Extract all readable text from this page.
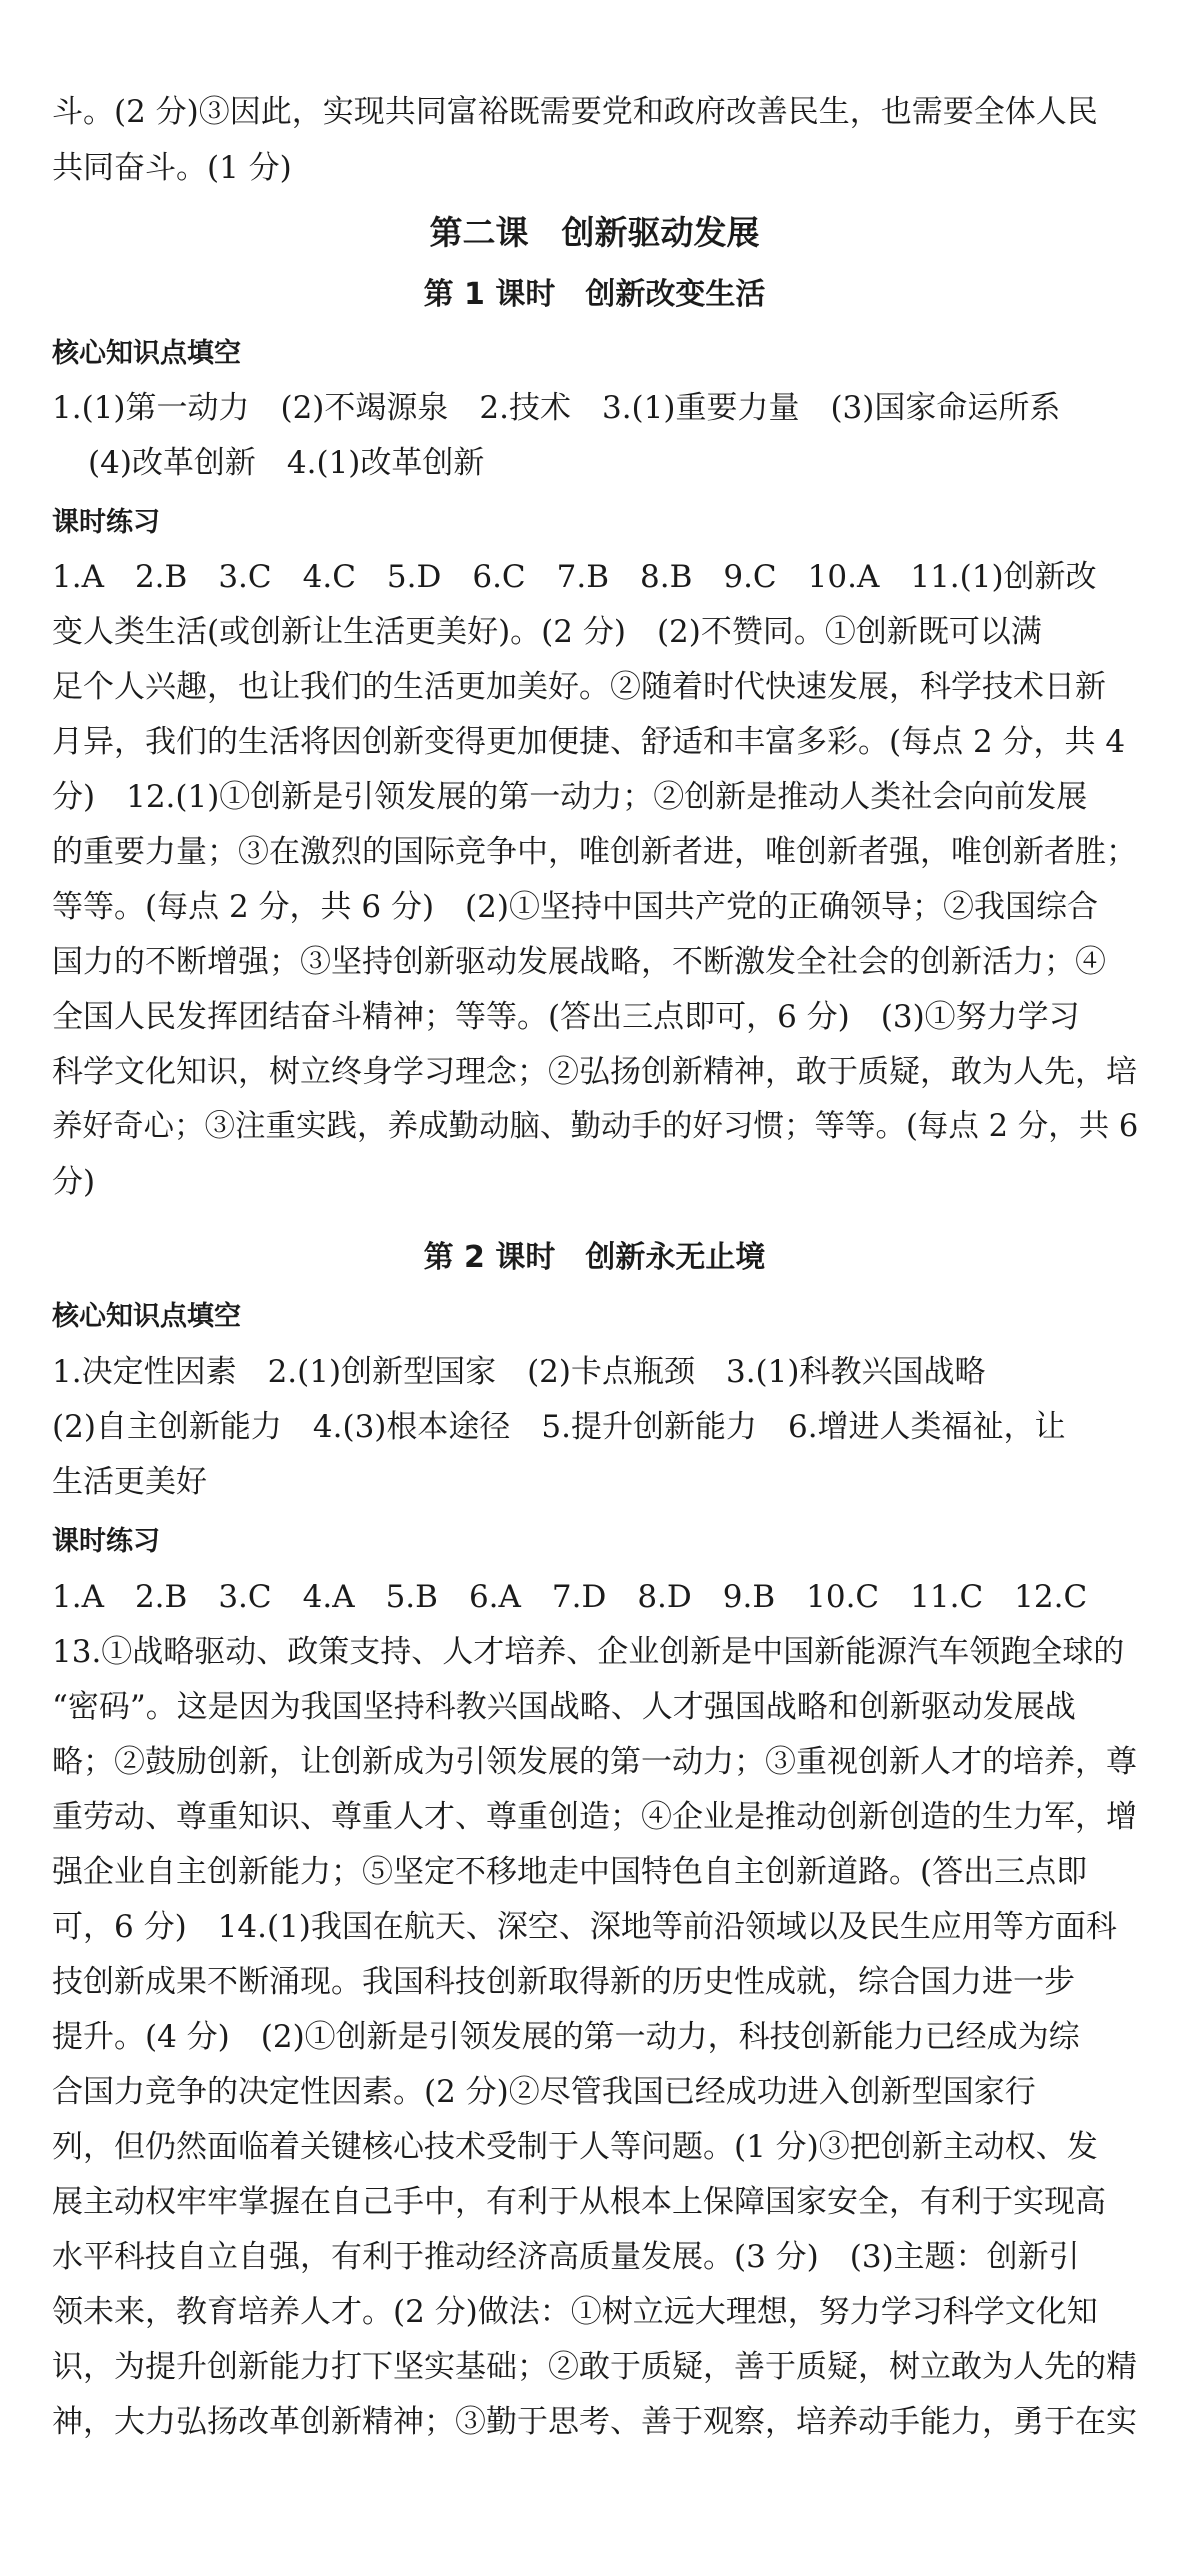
斗。(2 分)③因此，实现共同富裕既需要党和政府改善民生，也需要全体人民
共同奋斗。(1 分)
第二课　创新驱动发展
第 1 课时　创新改变生活
核心知识点填空
1.(1)第一动力　(2)不竭源泉　2.技术　3.(1)重要力量　(3)国家命运所系
(4)改革创新　4.(1)改革创新
课时练习
1.A　2.B　3.C　4.C　5.D　6.C　7.B　8.B　9.C　10.A　11.(1)创新改
变人类生活(或创新让生活更美好)。(2 分)　(2)不赞同。①创新既可以满
足个人兴趣，也让我们的生活更加美好。②随着时代快速发展，科学技术日新
月异，我们的生活将因创新变得更加便捷、舒适和丰富多彩。(每点 2 分，共 4
分)　12.(1)①创新是引领发展的第一动力；②创新是推动人类社会向前发展
的重要力量；③在激烈的国际竞争中，唯创新者进，唯创新者强，唯创新者胜；
等等。(每点 2 分，共 6 分)　(2)①坚持中国共产党的正确领导；②我国综合
国力的不断增强；③坚持创新驱动发展战略，不断激发全社会的创新活力；④
全国人民发挥团结奋斗精神；等等。(答出三点即可，6 分)　(3)①努力学习
科学文化知识，树立终身学习理念；②弘扬创新精神，敢于质疑，敢为人先，培
养好奇心；③注重实践，养成勤动脑、勤动手的好习惯；等等。(每点 2 分，共 6
分)
第 2 课时　创新永无止境
核心知识点填空
1.决定性因素　2.(1)创新型国家　(2)卡点瓶颈　3.(1)科教兴国战略
(2)自主创新能力　4.(3)根本途径　5.提升创新能力　6.增进人类福祉，让
生活更美好
课时练习
1.A　2.B　3.C　4.A　5.B　6.A　7.D　8.D　9.B　10.C　11.C　12.C
13.①战略驱动、政策支持、人才培养、企业创新是中国新能源汽车领跑全球的
“密码”。这是因为我国坚持科教兴国战略、人才强国战略和创新驱动发展战
略；②鼓励创新，让创新成为引领发展的第一动力；③重视创新人才的培养，尊
重劳动、尊重知识、尊重人才、尊重创造；④企业是推动创新创造的生力军，增
强企业自主创新能力；⑤坚定不移地走中国特色自主创新道路。(答出三点即
可，6 分)　14.(1)我国在航天、深空、深地等前沿领域以及民生应用等方面科
技创新成果不断涌现。我国科技创新取得新的历史性成就，综合国力进一步
提升。(4 分)　(2)①创新是引领发展的第一动力，科技创新能力已经成为综
合国力竞争的决定性因素。(2 分)②尽管我国已经成功进入创新型国家行
列，但仍然面临着关键核心技术受制于人等问题。(1 分)③把创新主动权、发
展主动权牢牢掌握在自己手中，有利于从根本上保障国家安全，有利于实现高
水平科技自立自强，有利于推动经济高质量发展。(3 分)　(3)主题：创新引
领未来，教育培养人才。(2 分)做法：①树立远大理想，努力学习科学文化知
识，为提升创新能力打下坚实基础；②敢于质疑，善于质疑，树立敢为人先的精
神，大力弘扬改革创新精神；③勤于思考、善于观察，培养动手能力，勇于在实
